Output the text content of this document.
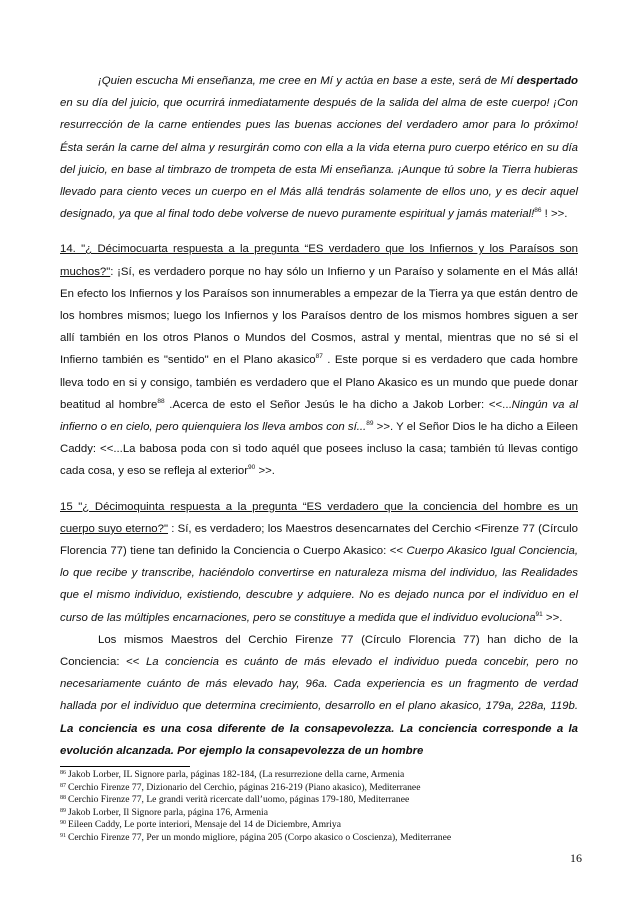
¡Quien escucha Mi enseñanza, me cree en Mí y actúa en base a este, será de Mí despertado en su día del juicio, que ocurrirá inmediatamente después de la salida del alma de este cuerpo! ¡Con resurrección de la carne entiendes pues las buenas acciones del verdadero amor para lo próximo! Ésta serán la carne del alma y resurgirán como con ella a la vida eterna puro cuerpo etérico en su día del juicio, en base al timbrazo de trompeta de esta Mi enseñanza. ¡Aunque tú sobre la Tierra hubieras llevado para ciento veces un cuerpo en el Más allá tendrás solamente de ellos uno, y es decir aquel designado, ya que al final todo debe volverse de nuevo puramente espiritual y jamás material!$^{86}$ ! >>.

14. "¿ Décimocuarta respuesta a la pregunta “ES verdadero que los Infiernos y los Paraísos son muchos?": ¡Sí, es verdadero porque no hay sólo un Infierno y un Paraíso y solamente en el Más allá! En efecto los Infiernos y los Paraísos son innumerables a empezar de la Tierra ya que están dentro de los hombres mismos; luego los Infiernos y los Paraísos dentro de los mismos hombres siguen a ser allí también en los otros Planos o Mundos del Cosmos, astral y mental, mientras que no sé si el Infierno también es "sentido" en el Plano akasico$^{87}$ . Este porque si es verdadero que cada hombre lleva todo en si y consigo, también es verdadero que el Plano Akasico es un mundo que puede donar beatitud al hombre$^{88}$ .Acerca de esto el Señor Jesús le ha dicho a Jakob Lorber: <<...Ningún va al infierno o en cielo, pero quienquiera los lleva ambos con sí...$^{89}$ >>. Y el Señor Dios le ha dicho a Eileen Caddy: <<...La babosa poda con sì todo aquél que posees incluso la casa; también tú llevas contigo cada cosa, y eso se refleja al exterior$^{90}$ >>.

15 "¿ Décimoquinta respuesta a la pregunta “ES verdadero que la conciencia del hombre es un cuerpo suyo eterno?" : Sí, es verdadero; los Maestros desencarnates del Cerchio <Firenze 77 (Círculo Florencia 77) tiene tan definido la Conciencia o Cuerpo Akasico: << Cuerpo Akasico Igual Conciencia, lo que recibe y transcribe, haciéndolo convertirse en naturaleza misma del individuo, las Realidades que el mismo individuo, existiendo, descubre y adquiere. No es dejado nunca por el individuo en el curso de las múltiples encarnaciones, pero se constituye a medida que el individuo evoluciona$^{91}$ >>.

Los mismos Maestros del Cerchio Firenze 77 (Círculo Florencia 77) han dicho de la Conciencia: << La conciencia es cuánto de más elevado el individuo pueda concebir, pero no necesariamente cuánto de más elevado hay, 96a. Cada experiencia es un fragmento de verdad hallada por el individuo que determina crecimiento, desarrollo en el plano akasico, 179a, 228a, 119b. La conciencia es una cosa diferente de la consapevolezza. La conciencia corresponde a la evolución alcanzada. Por ejemplo la consapevolezza de un hombre

$^{86}$ Jakob Lorber, IL Signore parla, páginas 182-184, (La resurrezione della carne, Armenia
$^{87}$ Cerchio Firenze 77, Dizionario del Cerchio, páginas 216-219 (Piano akasico), Mediterranee
$^{88}$ Cerchio Firenze 77, Le grandi verità ricercate dall’uomo, páginas 179-180, Mediterranee
$^{89}$ Jakob Lorber, Il Signore parla, página 176, Armenia
$^{90}$ Eileen Caddy, Le porte interiori, Mensaje del 14 de Diciembre, Amriya
$^{91}$ Cerchio Firenze 77, Per un mondo migliore, página 205 (Corpo akasico o Coscienza), Mediterranee
16
